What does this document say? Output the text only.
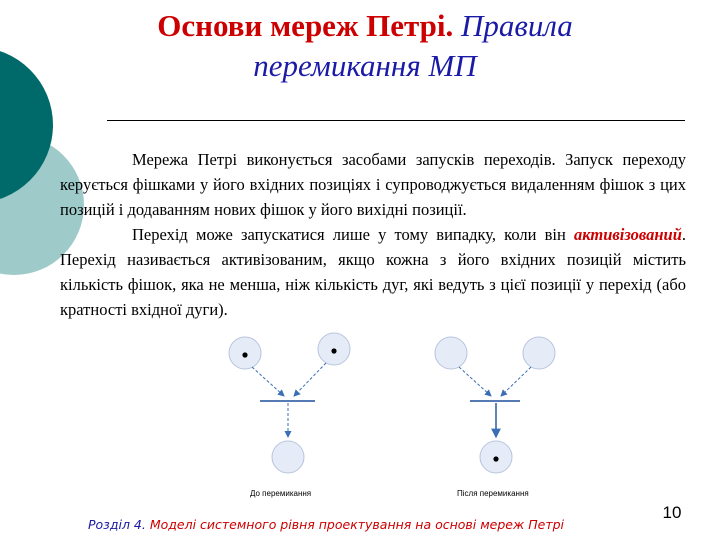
Основи мереж Петрі. Правила
перемикання МП

Мережа Петрі виконується засобами запусків переходів. Запуск переходу керується фішками у його вхідних позиціях і супроводжується видаленням фішок з цих позицій і додаванням нових фішок у його вихідні позиції.

Перехід може запускатися лише у тому випадку, коли він активізований. Перехід називається активізованим, якщо кожна з його вхідних позицій містить кількість фішок, яка не менша, ніж кількість дуг, які ведуть з цієї позиції у перехід (або кратності вхідної дуги).

До перемикання	Після перемикання
Розділ 4. Моделі системного рівня проектування на основі мереж Петрі
10
